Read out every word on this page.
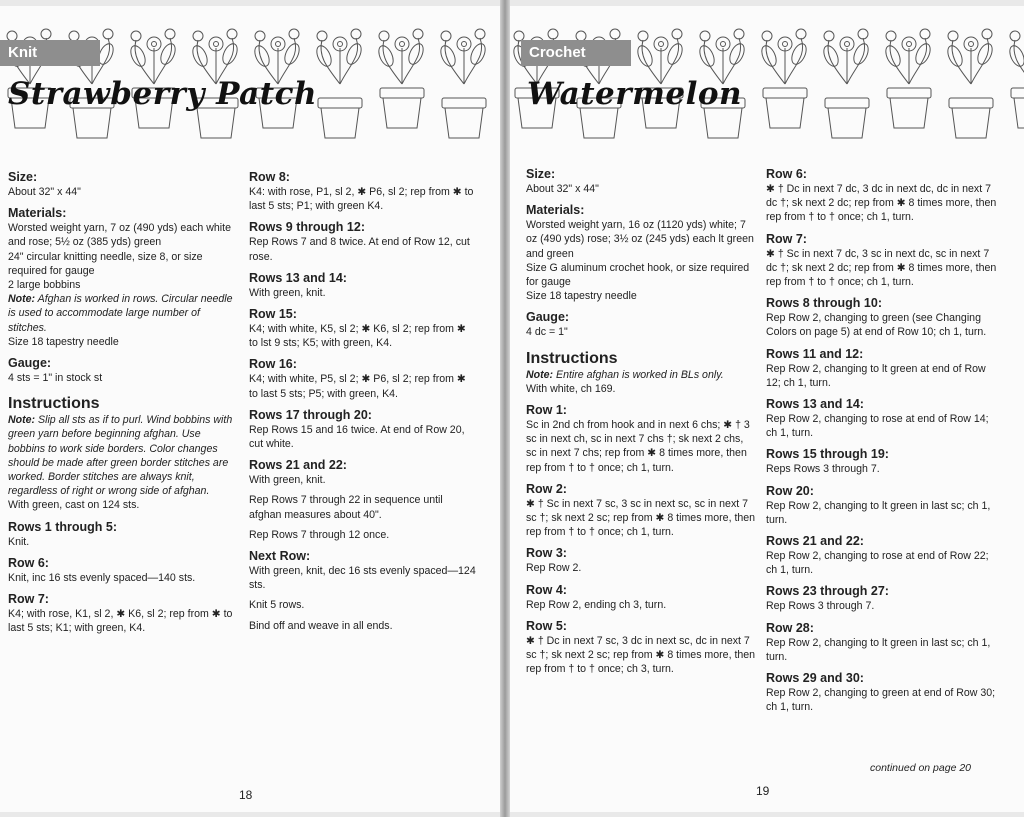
Knit
Strawberry Patch

Size:

About 32" x 44"

Materials:

Worsted weight yarn, 7 oz (490 yds) each white and rose; 5½ oz (385 yds) green

24" circular knitting needle, size 8, or size required for gauge

2 large bobbins

Note: Afghan is worked in rows. Circular needle is used to accommodate large number of stitches.

Size 18 tapestry needle

Gauge:

4 sts = 1" in stock st

Instructions

Note: Slip all sts as if to purl. Wind bobbins with green yarn before beginning afghan. Use bobbins to work side borders. Color changes should be made after green border stitches are worked. Border stitches are always knit, regardless of right or wrong side of afghan.

With green, cast on 124 sts.

Rows 1 through 5:

Knit.

Row 6:

Knit, inc 16 sts evenly spaced—140 sts.

Row 7:

K4; with rose, K1, sl 2, ✱ K6, sl 2; rep from ✱ to last 5 sts; K1; with green, K4.

Row 8:

K4: with rose, P1, sl 2, ✱ P6, sl 2; rep from ✱ to last 5 sts; P1; with green K4.

Rows 9 through 12:

Rep Rows 7 and 8 twice. At end of Row 12, cut rose.

Rows 13 and 14:

With green, knit.

Row 15:

K4; with white, K5, sl 2; ✱ K6, sl 2; rep from ✱ to lst 9 sts; K5; with green, K4.

Row 16:

K4; with white, P5, sl 2; ✱ P6, sl 2; rep from ✱ to last 5 sts; P5; with green, K4.

Rows 17 through 20:

Rep Rows 15 and 16 twice. At end of Row 20, cut white.

Rows 21 and 22:

With green, knit.

Rep Rows 7 through 22 in sequence until afghan measures about 40".

Rep Rows 7 through 12 once.

Next Row:

With green, knit, dec 16 sts evenly spaced—124 sts.

Knit 5 rows.

Bind off and weave in all ends.

18
Crochet
Watermelon

Size:

About 32" x 44"

Materials:

Worsted weight yarn, 16 oz (1120 yds) white; 7 oz (490 yds) rose; 3½ oz (245 yds) each lt green and green

Size G aluminum crochet hook, or size required for gauge

Size 18 tapestry needle

Gauge:

4 dc = 1"

Instructions

Note: Entire afghan is worked in BLs only.

With white, ch 169.

Row 1:

Sc in 2nd ch from hook and in next 6 chs; ✱ † 3 sc in next ch, sc in next 7 chs †; sk next 2 chs, sc in next 7 chs; rep from ✱ 8 times more, then rep from † to † once; ch 1, turn.

Row 2:

✱ † Sc in next 7 sc, 3 sc in next sc, sc in next 7 sc †; sk next 2 sc; rep from ✱ 8 times more, then rep from † to † once; ch 1, turn.

Row 3:

Rep Row 2.

Row 4:

Rep Row 2, ending ch 3, turn.

Row 5:

✱ † Dc in next 7 sc, 3 dc in next sc, dc in next 7 sc †; sk next 2 sc; rep from ✱ 8 times more, then rep from † to † once; ch 3, turn.

Row 6:

✱ † Dc in next 7 dc, 3 dc in next dc, dc in next 7 dc †; sk next 2 dc; rep from ✱ 8 times more, then rep from † to † once; ch 1, turn.

Row 7:

✱ † Sc in next 7 dc, 3 sc in next dc, sc in next 7 dc †; sk next 2 dc; rep from ✱ 8 times more, then rep from † to † once; ch 1, turn.

Rows 8 through 10:

Rep Row 2, changing to green (see Changing Colors on page 5) at end of Row 10; ch 1, turn.

Rows 11 and 12:

Rep Row 2, changing to lt green at end of Row 12; ch 1, turn.

Rows 13 and 14:

Rep Row 2, changing to rose at end of Row 14; ch 1, turn.

Rows 15 through 19:

Reps Rows 3 through 7.

Row 20:

Rep Row 2, changing to lt green in last sc; ch 1, turn.

Rows 21 and 22:

Rep Row 2, changing to rose at end of Row 22; ch 1, turn.

Rows 23 through 27:

Rep Rows 3 through 7.

Row 28:

Rep Row 2, changing to lt green in last sc; ch 1, turn.

Rows 29 and 30:

Rep Row 2, changing to green at end of Row 30; ch 1, turn.

19
continued on page 20
